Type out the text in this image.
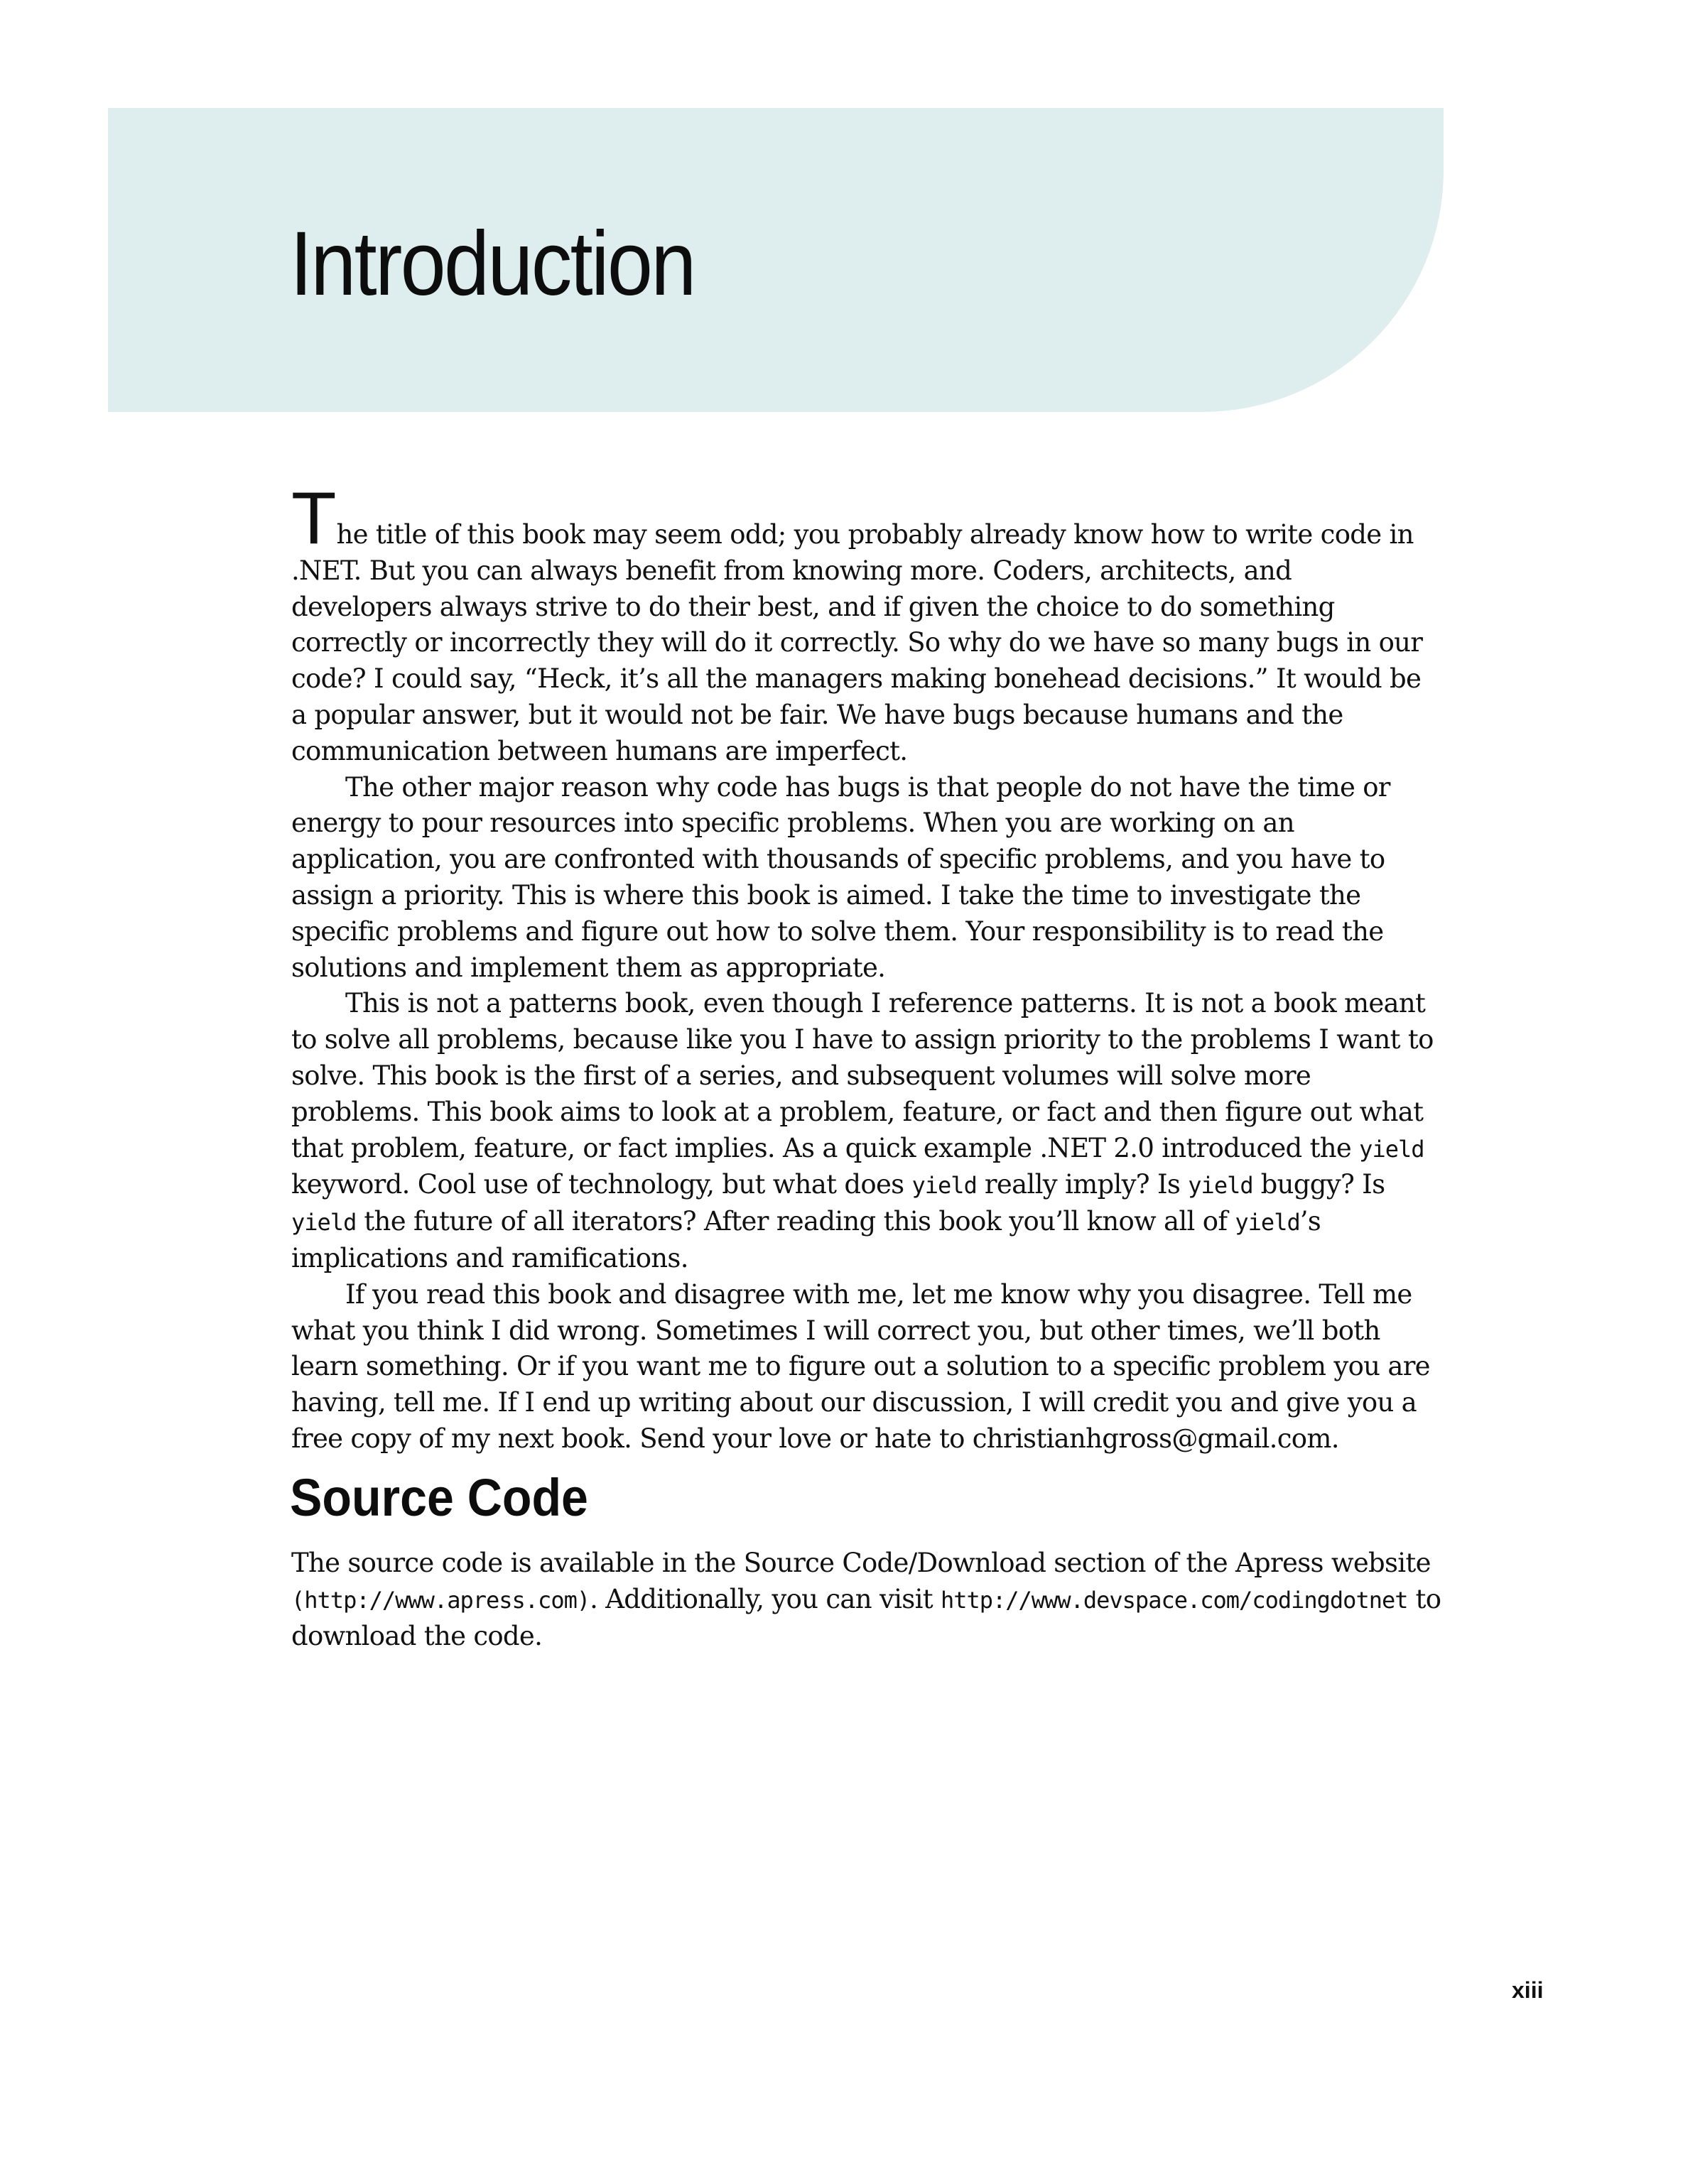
Introduction

The title of this book may seem odd; you probably already know how to write code in .NET. But you can always benefit from knowing more. Coders, architects, and developers always strive to do their best, and if given the choice to do something correctly or incorrectly they will do it correctly. So why do we have so many bugs in our code? I could say, “Heck, it’s all the managers making bonehead decisions.” It would be a popular answer, but it would not be fair. We have bugs because humans and the communication between humans are imperfect.

The other major reason why code has bugs is that people do not have the time or energy to pour resources into specific problems. When you are working on an application, you are confronted with thousands of specific problems, and you have to assign a priority. This is where this book is aimed. I take the time to investigate the specific problems and figure out how to solve them. Your responsibility is to read the solutions and implement them as appropriate.

This is not a patterns book, even though I reference patterns. It is not a book meant to solve all problems, because like you I have to assign priority to the problems I want to solve. This book is the first of a series, and subsequent volumes will solve more problems. This book aims to look at a problem, feature, or fact and then figure out what that problem, feature, or fact implies. As a quick example .NET 2.0 introduced the yield keyword. Cool use of technology, but what does yield really imply? Is yield buggy? Is yield the future of all iterators? After reading this book you’ll know all of yield’s implications and ramifications.

If you read this book and disagree with me, let me know why you disagree. Tell me what you think I did wrong. Sometimes I will correct you, but other times, we’ll both learn something. Or if you want me to figure out a solution to a specific problem you are having, tell me. If I end up writing about our discussion, I will credit you and give you a free copy of my next book. Send your love or hate to christianhgross@gmail.com.

Source Code

The source code is available in the Source Code/Download section of the Apress website (http://www.apress.com). Additionally, you can visit http://www.devspace.com/codingdotnet to download the code.

xiii
